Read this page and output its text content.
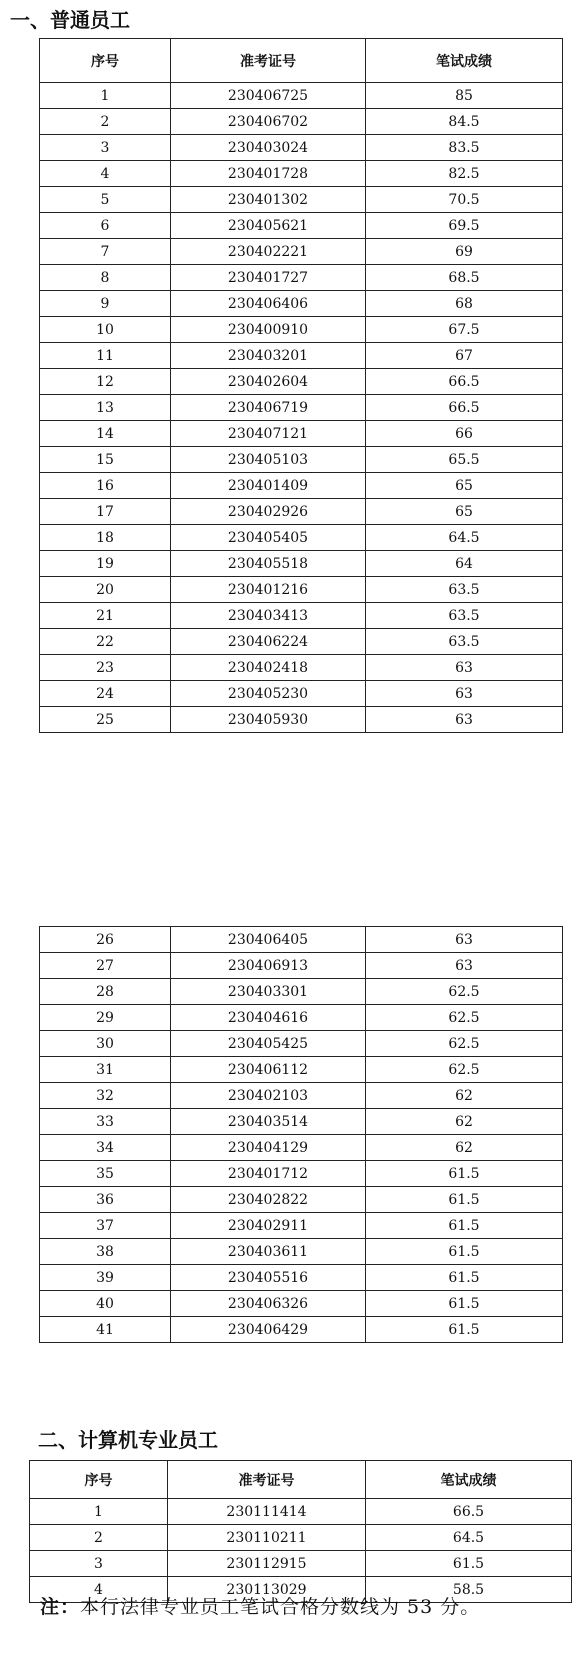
一、普通员工
序号	准考证号	笔试成绩
1	230406725	85
2	230406702	84.5
3	230403024	83.5
4	230401728	82.5
5	230401302	70.5
6	230405621	69.5
7	230402221	69
8	230401727	68.5
9	230406406	68
10	230400910	67.5
11	230403201	67
12	230402604	66.5
13	230406719	66.5
14	230407121	66
15	230405103	65.5
16	230401409	65
17	230402926	65
18	230405405	64.5
19	230405518	64
20	230401216	63.5
21	230403413	63.5
22	230406224	63.5
23	230402418	63
24	230405230	63
25	230405930	63
26	230406405	63
27	230406913	63
28	230403301	62.5
29	230404616	62.5
30	230405425	62.5
31	230406112	62.5
32	230402103	62
33	230403514	62
34	230404129	62
35	230401712	61.5
36	230402822	61.5
37	230402911	61.5
38	230403611	61.5
39	230405516	61.5
40	230406326	61.5
41	230406429	61.5
二、计算机专业员工
序号	准考证号	笔试成绩
1	230111414	66.5
2	230110211	64.5
3	230112915	61.5
4	230113029	58.5

注：本行法律专业员工笔试合格分数线为 53 分。
